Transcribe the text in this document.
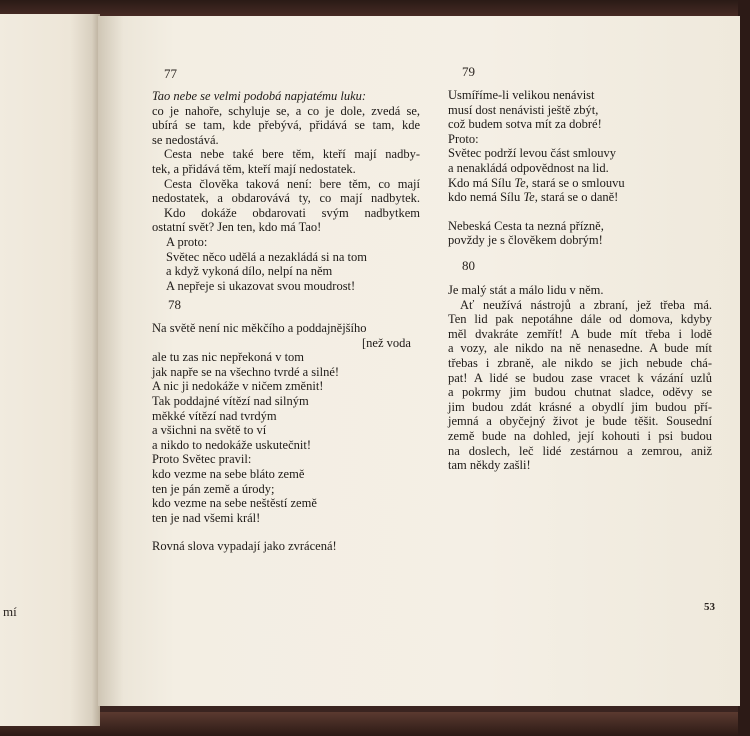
mí
77

Tao nebe se velmi podobá napjatému luku:

co je nahoře, schyluje se, a co je dole, zvedá se,

ubírá se tam, kde přebývá, přidává se tam, kde

se nedostává.

Cesta nebe také bere těm, kteří mají nadby-

tek, a přidává těm, kteří mají nedostatek.

Cesta člověka taková není: bere těm, co mají

nedostatek, a obdarovává ty, co mají nadbytek.

Kdo dokáže obdarovati svým nadbytkem

ostatní svět? Jen ten, kdo má Tao!

A proto:

Světec něco udělá a nezakládá si na tom

a když vykoná dílo, nelpí na něm

A nepřeje si ukazovat svou moudrost!

78

Na světě není nic měkčího a poddajnějšího

[než voda

ale tu zas nic nepřekoná v tom

jak napře se na všechno tvrdé a silné!

A nic ji nedokáže v ničem změnit!

Tak poddajné vítězí nad silným

měkké vítězí nad tvrdým

a všichni na světě to ví

a nikdo to nedokáže uskutečnit!

Proto Světec pravil:

kdo vezme na sebe bláto země

ten je pán země a úrody;

kdo vezme na sebe neštěstí země

ten je nad všemi král!

Rovná slova vypadají jako zvrácená!

79

Usmíříme-li velikou nenávist

musí dost nenávisti ještě zbýt,

což budem sotva mít za dobré!

Proto:

Světec podrží levou část smlouvy

a nenakládá odpovědnost na lid.

Kdo má Sílu Te, stará se o smlouvu

kdo nemá Sílu Te, stará se o daně!

Nebeská Cesta ta nezná přízně,

povždy je s člověkem dobrým!

80

Je malý stát a málo lidu v něm.

Ať neužívá nástrojů a zbraní, jež třeba má.

Ten lid pak nepotáhne dále od domova, kdyby

měl dvakráte zemřít! A bude mít třeba i lodě

a vozy, ale nikdo na ně nenasedne. A bude mít

třebas i zbraně, ale nikdo se jich nebude chá-

pat! A lidé se budou zase vracet k vázání uzlů

a pokrmy jim budou chutnat sladce, oděvy se

jim budou zdát krásné a obydlí jim budou pří-

jemná a obyčejný život je bude těšit. Sousední

země bude na dohled, její kohouti i psi budou

na doslech, leč lidé zestárnou a zemrou, aniž

tam někdy zašli!

53
